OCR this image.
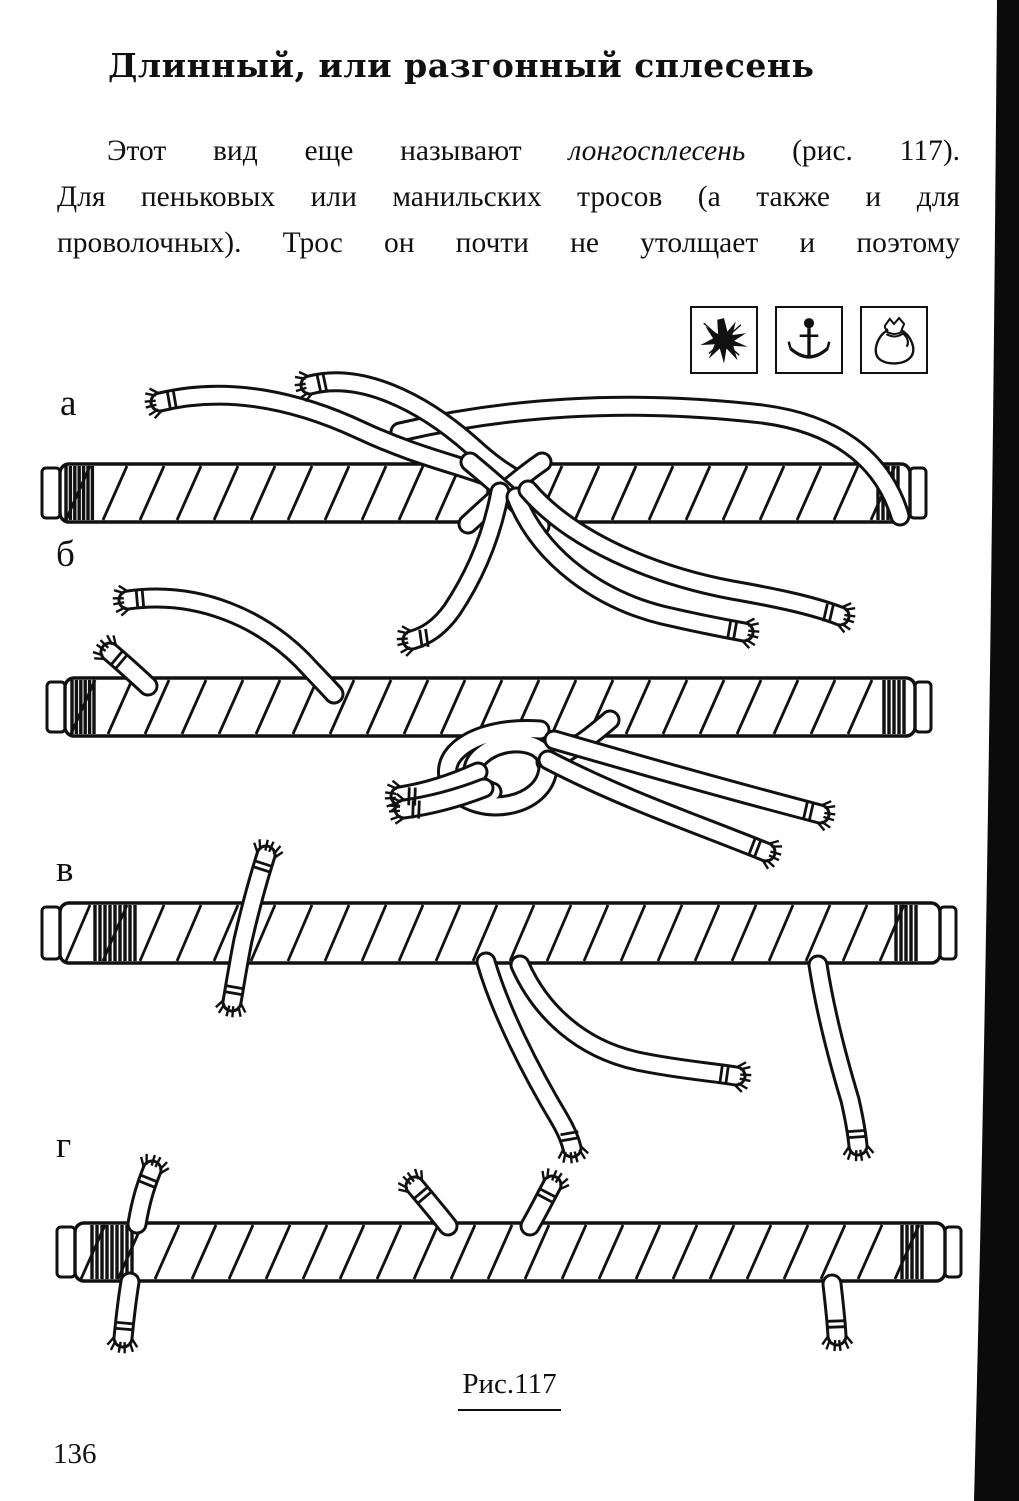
Длинный, или разгонный сплесень
Этот вид еще называют лонгосплесень (рис. 117).
Для пеньковых или манильских тросов (а также и для
проволочных). Трос он почти не утолщает и поэтому
а
б
в
г
Рис.117
136
